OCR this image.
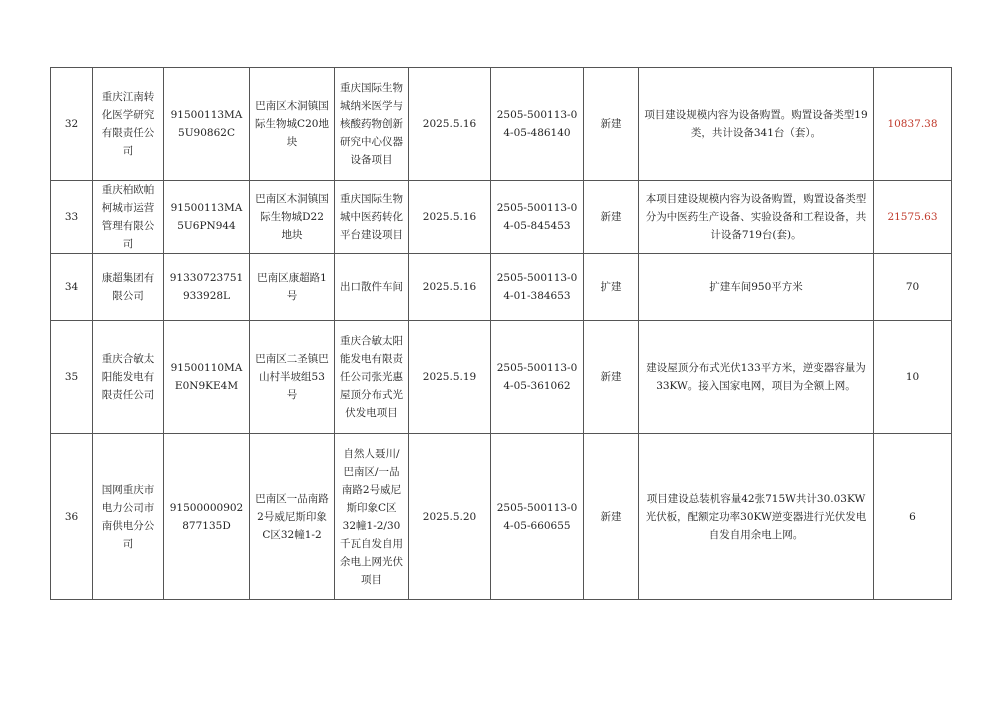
32	重庆江南转化医学研究有限责任公司	91500113MA5U90862C	巴南区木洞镇国际生物城C20地块	重庆国际生物城纳米医学与核酸药物创新研究中心仪器设备项目	2025.5.16	2505-500113-04-05-486140	新建	项目建设规模内容为设备购置。购置设备类型19类，共计设备341台（套）。	10837.38
33	重庆柏欧帕柯城市运营管理有限公司	91500113MA5U6PN944	巴南区木洞镇国际生物城D22地块	重庆国际生物城中医药转化平台建设项目	2025.5.16	2505-500113-04-05-845453	新建	本项目建设规模内容为设备购置，购置设备类型分为中医药生产设备、实验设备和工程设备，共计设备719台(套)。	21575.63
34	康超集团有限公司	91330723751933928L	巴南区康超路1号	出口散件车间	2025.5.16	2505-500113-04-01-384653	扩建	扩建车间950平方米	70
35	重庆合敏太阳能发电有限责任公司	91500110MAE0N9KE4M	巴南区二圣镇巴山村半坡组53号	重庆合敏太阳能发电有限责任公司张光惠屋顶分布式光伏发电项目	2025.5.19	2505-500113-04-05-361062	新建	建设屋顶分布式光伏133平方米，逆变器容量为33KW。接入国家电网，项目为全额上网。	10
36	国网重庆市电力公司市南供电分公司	91500000902877135D	巴南区一品南路2号威尼斯印象C区32幢1-2	自然人聂川/巴南区/一品南路2号威尼斯印象C区32幢1-2/30千瓦自发自用余电上网光伏项目	2025.5.20	2505-500113-04-05-660655	新建	项目建设总装机容量42张715W共计30.03KW光伏板，配额定功率30KW逆变器进行光伏发电自发自用余电上网。	6
